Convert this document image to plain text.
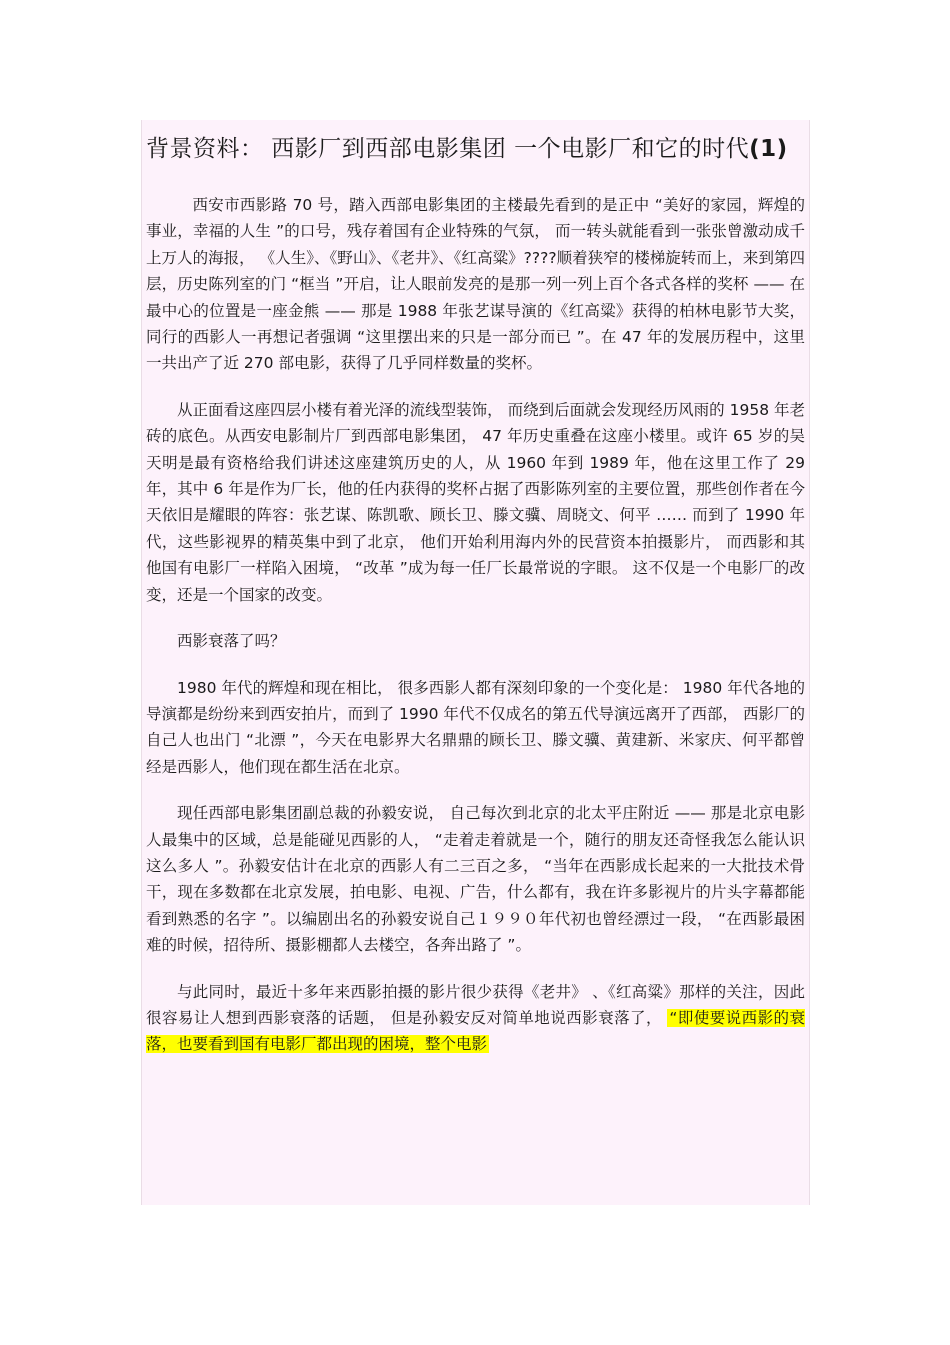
背景资料： 西影厂到西部电影集团 一个电影厂和它的时代(1)

西安市西影路 70 号，踏入西部电影集团的主楼最先看到的是正中 “美好的家园，辉煌的事业，幸福的人生 ”的口号，残存着国有企业特殊的气氛， 而一转头就能看到一张张曾激动成千上万人的海报， 《人生》、《野山》、《老井》、《红高粱》????顺着狭窄的楼梯旋转而上，来到第四层，历史陈列室的门 “框当 ”开启，让人眼前发亮的是那一列一列上百个各式各样的奖杯 —— 在最中心的位置是一座金熊 —— 那是 1988 年张艺谋导演的《红高粱》获得的柏林电影节大奖，同行的西影人一再想记者强调 “这里摆出来的只是一部分而已 ”。在 47 年的发展历程中，这里一共出产了近 270 部电影，获得了几乎同样数量的奖杯。

从正面看这座四层小楼有着光泽的流线型装饰， 而绕到后面就会发现经历风雨的 1958 年老砖的底色。从西安电影制片厂到西部电影集团， 47 年历史重叠在这座小楼里。或许 65 岁的吴天明是最有资格给我们讲述这座建筑历史的人，从 1960 年到 1989 年，他在这里工作了 29 年，其中 6 年是作为厂长，他的任内获得的奖杯占据了西影陈列室的主要位置，那些创作者在今天依旧是耀眼的阵容：张艺谋、陈凯歌、顾长卫、滕文骥、周晓文、何平 …… 而到了 1990 年代，这些影视界的精英集中到了北京， 他们开始利用海内外的民营资本拍摄影片， 而西影和其他国有电影厂一样陷入困境， “改革 ”成为每一任厂长最常说的字眼。 这不仅是一个电影厂的改变，还是一个国家的改变。

西影衰落了吗？

1980 年代的辉煌和现在相比， 很多西影人都有深刻印象的一个变化是： 1980 年代各地的导演都是纷纷来到西安拍片，而到了 1990 年代不仅成名的第五代导演远离开了西部， 西影厂的自己人也出门 “北漂 ”，今天在电影界大名鼎鼎的顾长卫、滕文骥、黄建新、米家庆、何平都曾经是西影人，他们现在都生活在北京。

现任西部电影集团副总裁的孙毅安说， 自己每次到北京的北太平庄附近 —— 那是北京电影人最集中的区域，总是能碰见西影的人， “走着走着就是一个，随行的朋友还奇怪我怎么能认识这么多人 ”。孙毅安估计在北京的西影人有二三百之多， “当年在西影成长起来的一大批技术骨干，现在多数都在北京发展，拍电影、电视、广告，什么都有，我在许多影视片的片头字幕都能看到熟悉的名字 ”。以编剧出名的孙毅安说自己１９９０年代初也曾经漂过一段， “在西影最困难的时候，招待所、摄影棚都人去楼空，各奔出路了 ”。

与此同时，最近十多年来西影拍摄的影片很少获得《老井》 、《红高粱》那样的关注，因此很容易让人想到西影衰落的话题， 但是孙毅安反对简单地说西影衰落了， “即使要说西影的衰落，也要看到国有电影厂都出现的困境，整个电影
